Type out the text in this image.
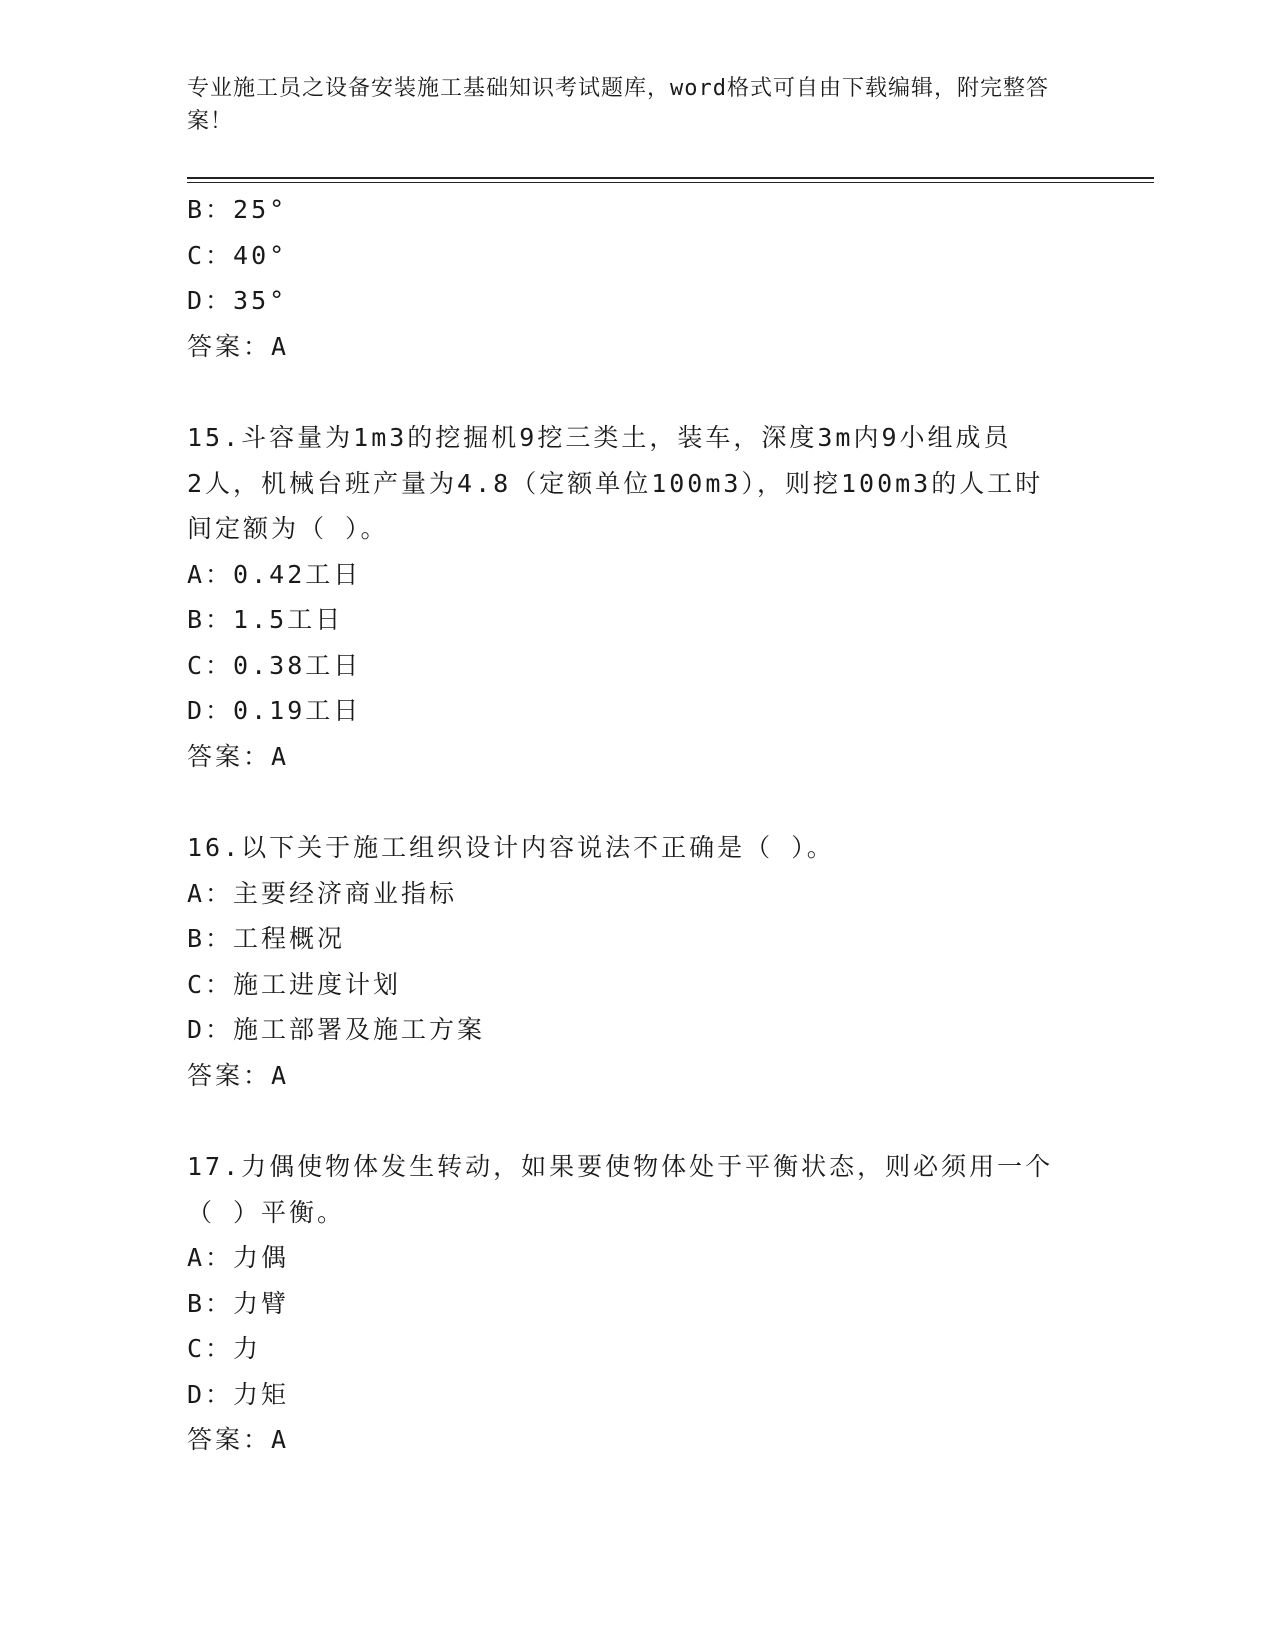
专业施工员之设备安装施工基础知识考试题库，word格式可自由下载编辑，附完整答案！
B：25°
C：40°
D：35°
答案：A
15.斗容量为1m3的挖掘机9挖三类土，装车，深度3m内9小组成员
2人，机械台班产量为4.8（定额单位100m3），则挖100m3的人工时
间定额为（ ）。
A：0.42工日
B：1.5工日
C：0.38工日
D：0.19工日
答案：A
16.以下关于施工组织设计内容说法不正确是（ ）。
A：主要经济商业指标
B：工程概况
C：施工进度计划
D：施工部署及施工方案
答案：A
17.力偶使物体发生转动，如果要使物体处于平衡状态，则必须用一个
（ ）平衡。
A：力偶
B：力臂
C：力
D：力矩
答案：A
